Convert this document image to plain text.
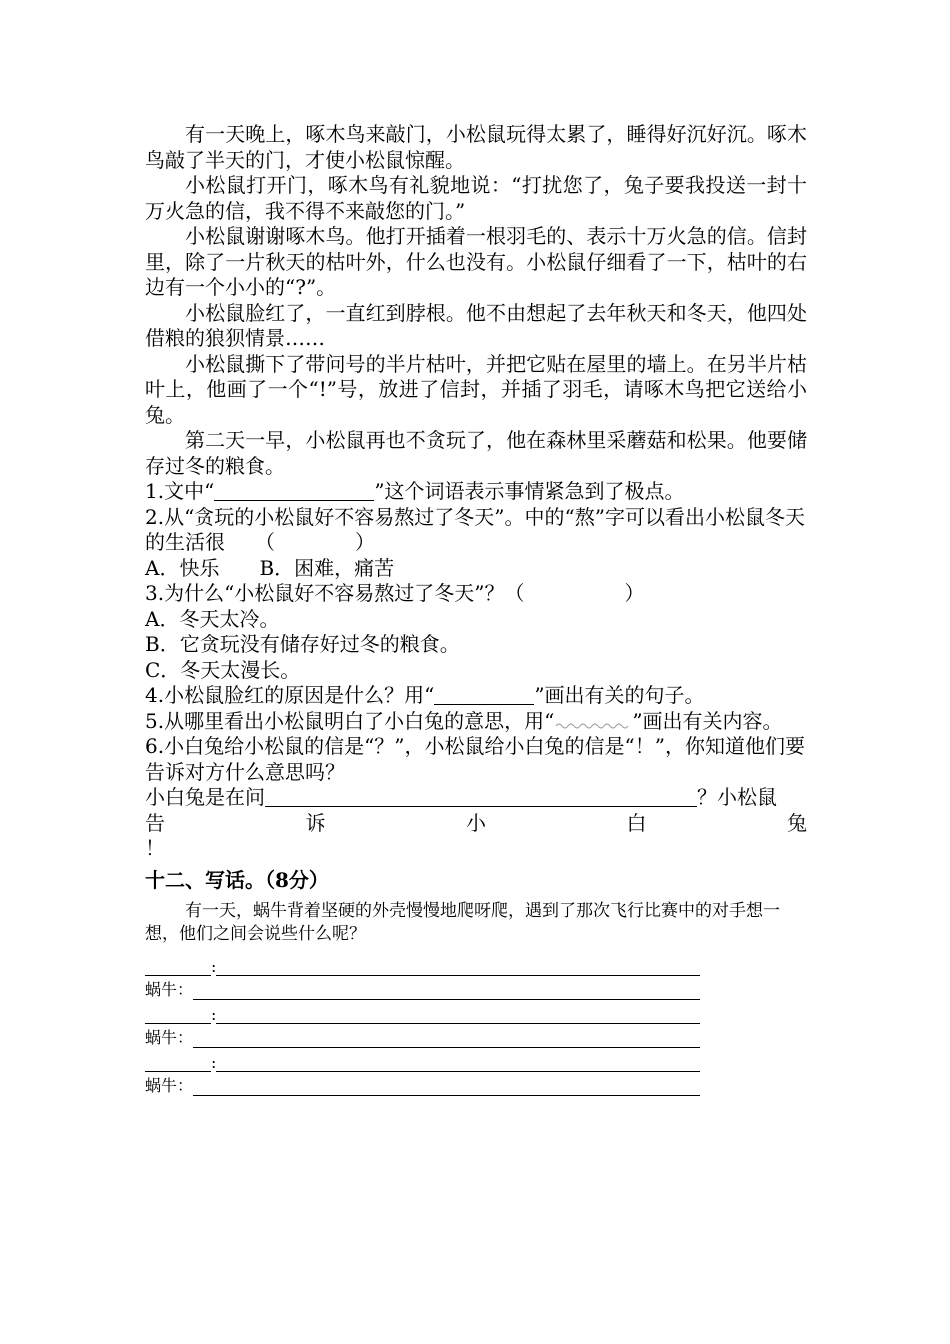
有一天晚上，啄木鸟来敲门，小松鼠玩得太累了，睡得好沉好沉。啄木鸟敲了半天的门，才使小松鼠惊醒。

小松鼠打开门，啄木鸟有礼貌地说：“打扰您了，兔子要我投送一封十万火急的信，我不得不来敲您的门。”

小松鼠谢谢啄木鸟。他打开插着一根羽毛的、表示十万火急的信。信封里，除了一片秋天的枯叶外，什么也没有。小松鼠仔细看了一下，枯叶的右边有一个小小的“?”。

小松鼠脸红了，一直红到脖根。他不由想起了去年秋天和冬天，他四处借粮的狼狈情景……

小松鼠撕下了带问号的半片枯叶，并把它贴在屋里的墙上。在另半片枯叶上，他画了一个“!”号，放进了信封，并插了羽毛，请啄木鸟把它送给小兔。

第二天一早，小松鼠再也不贪玩了，他在森林里采蘑菇和松果。他要储存过冬的粮食。

1.文中“	”这个词语表示事情紧急到了极点。

2.从“贪玩的小松鼠好不容易熬过了冬天”。中的“熬”字可以看出小松鼠冬天的生活很　　（　　　　）

A．快乐 B．困难，痛苦

3.为什么“小松鼠好不容易熬过了冬天”？（　　　　　）

A．冬天太冷。

B．它贪玩没有储存好过冬的粮食。

C．冬天太漫长。

4.小松鼠脸红的原因是什么？用“	”画出有关的句子。

5.从哪里看出小松鼠明白了小白兔的意思，用“	”画出有关内容。

6.小白兔给小松鼠的信是“？”，小松鼠给小白兔的信是“！”，你知道他们要告诉对方什么意思吗？

小白兔是在问	？小松鼠

告	诉	小	白	兔

！

十二、写话。（8分）

有一天，蜗牛背着坚硬的外壳慢慢地爬呀爬，遇到了那次飞行比赛中的对手想一想，他们之间会说些什么呢？

:
蜗牛：
:
蜗牛：
:
蜗牛：
